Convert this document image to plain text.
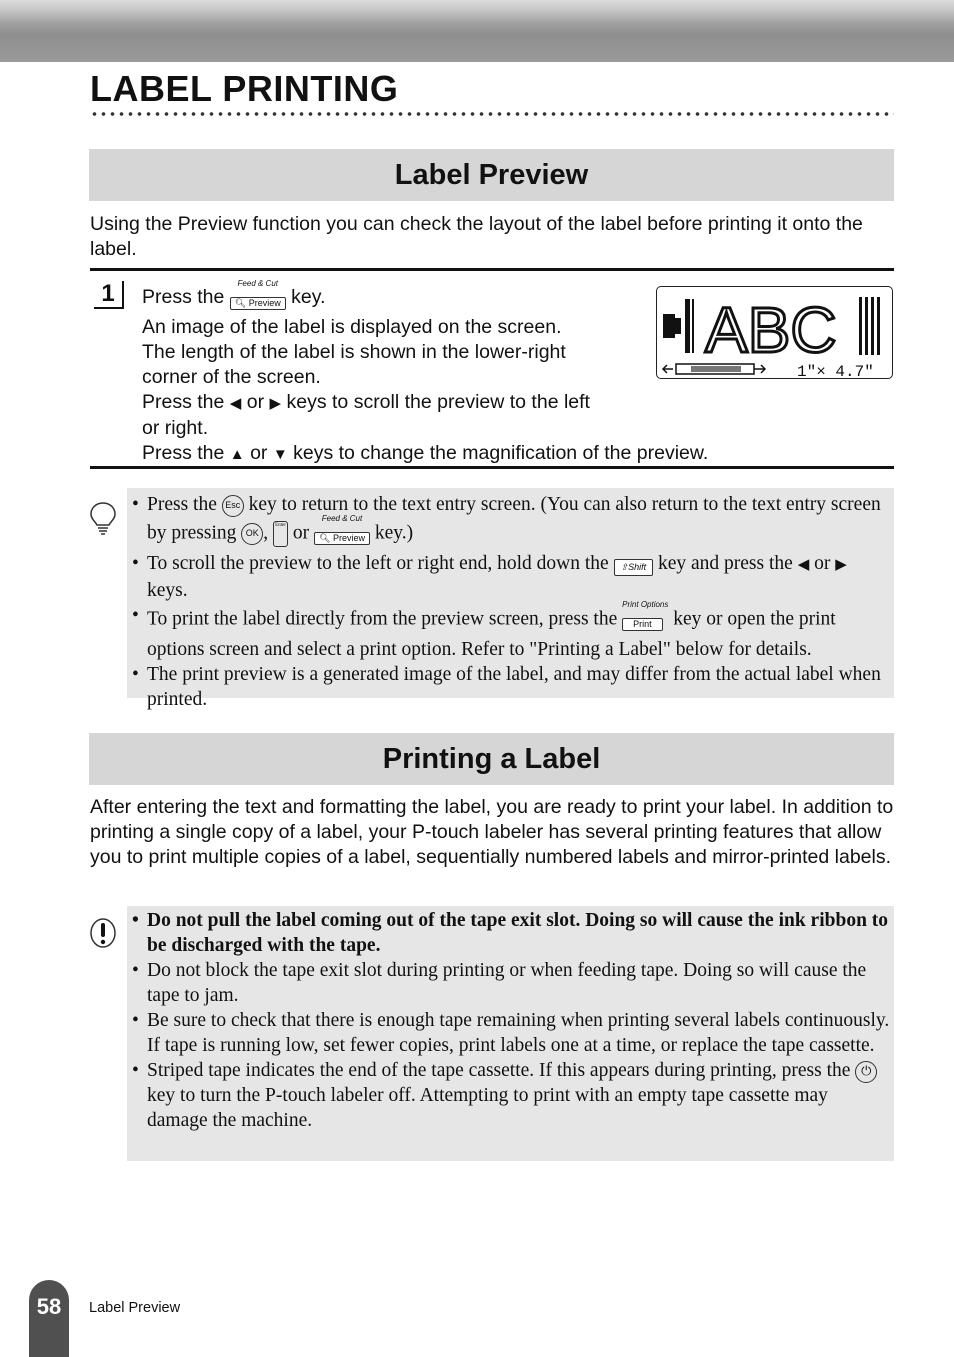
LABEL PRINTING
Label Preview

Using the Preview function you can check the layout of the label before printing it onto the label.

1	Press the
Feed & Cut
🔍︎ Preview key.
An image of the label is displayed on the screen.
The length of the label is shown in the lower-right
corner of the screen.
Press the ◀ or ▶ keys to scroll the preview to the left
or right.
Press the ▲ or ▼ keys to change the magnification of the preview.
ABC
1"× 4.7"
• Press the Esc key to return to the text entry screen. (You can also return to the text entry screen by pressing OK , Enter or
Feed & Cut
🔍︎ Preview key.)
• To scroll the preview to the left or right end, hold down the ⇧Shift key and press the ◀ or ▶ keys.
• To print the label directly from the preview screen, press the
Print Options
Print key or open the print options screen and select a print option. Refer to "Printing a Label" below for details.
• The print preview is a generated image of the label, and may differ from the actual label when printed.
Printing a Label

After entering the text and formatting the label, you are ready to print your label. In addition to printing a single copy of a label, your P-touch labeler has several printing features that allow you to print multiple copies of a label, sequentially numbered labels and mirror-printed labels.

• Do not pull the label coming out of the tape exit slot. Doing so will cause the ink ribbon to be discharged with the tape.
• Do not block the tape exit slot during printing or when feeding tape. Doing so will cause the tape to jam.
• Be sure to check that there is enough tape remaining when printing several labels continuously. If tape is running low, set fewer copies, print labels one at a time, or replace the tape cassette.
• Striped tape indicates the end of the tape cassette. If this appears during printing, press the ⏻ key to turn the P-touch labeler off. Attempting to print with an empty tape cassette may damage the machine.
58 Label Preview
